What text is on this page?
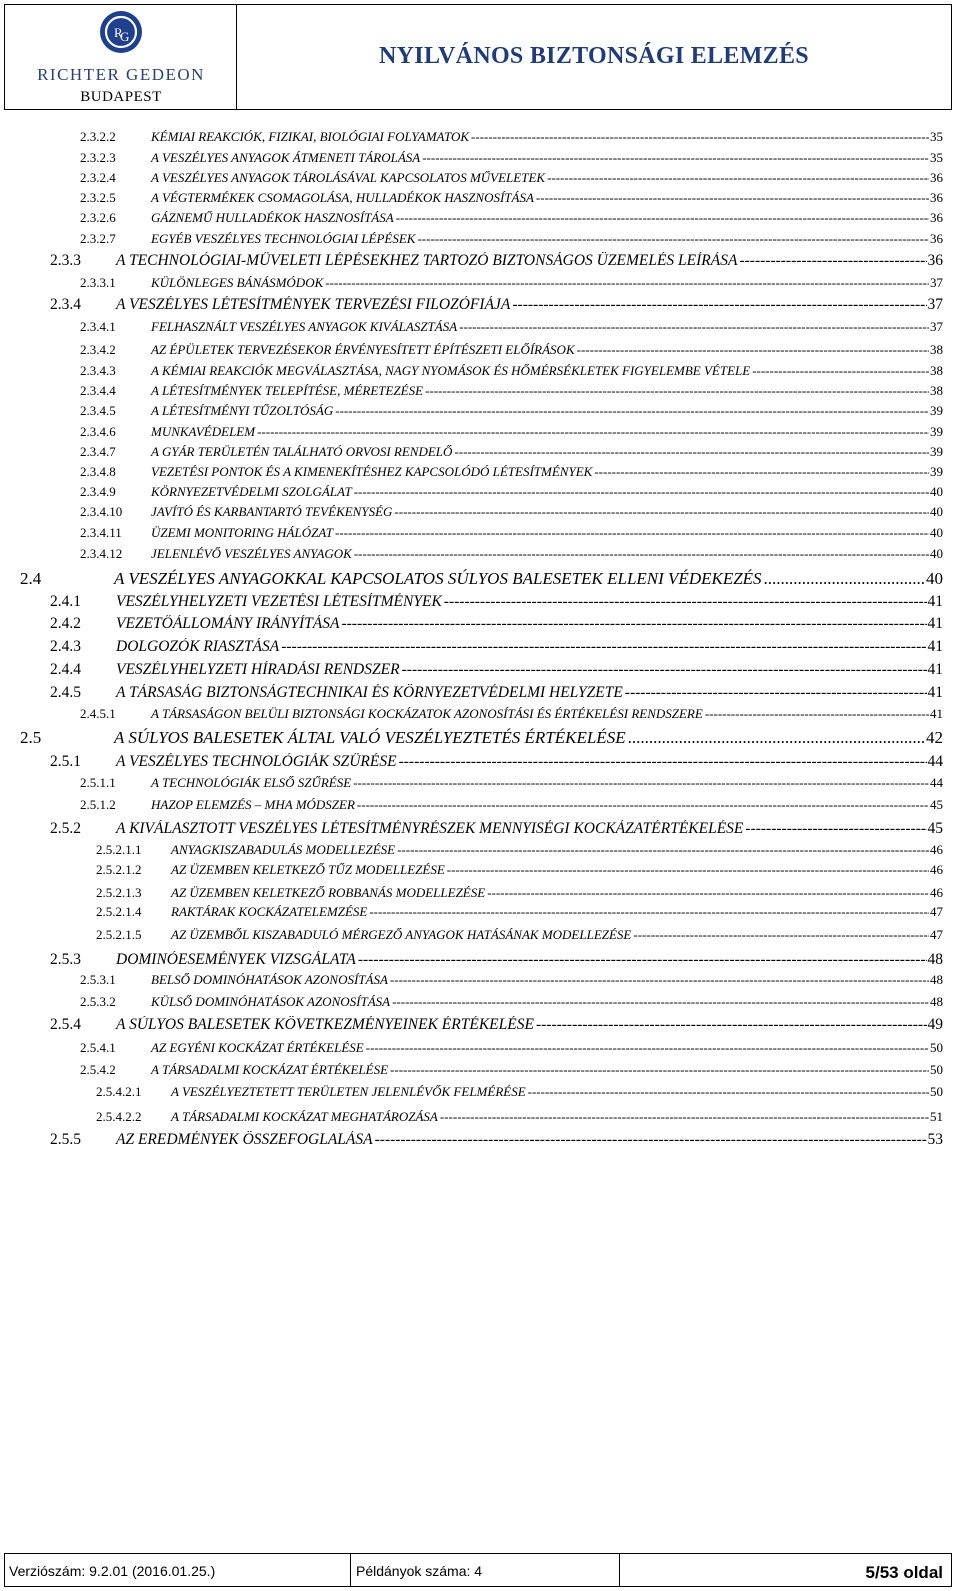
R
G
RICHTER GEDEON
BUDAPEST
NYILVÁNOS BIZTONSÁGI ELEMZÉS
2.3.2.2	KÉMIAI REAKCIÓK, FIZIKAI, BIOLÓGIAI FOLYAMATOK -----	35
2.3.2.3	A VESZÉLYES ANYAGOK ÁTMENETI TÁROLÁSA -----	35
2.3.2.4	A VESZÉLYES ANYAGOK TÁROLÁSÁVAL KAPCSOLATOS MŰVELETEK -----	36
2.3.2.5	A VÉGTERMÉKEK CSOMAGOLÁSA, HULLADÉKOK HASZNOSÍTÁSA -----	36
2.3.2.6	GÁZNEMŰ HULLADÉKOK HASZNOSÍTÁSA -----	36
2.3.2.7	EGYÉB VESZÉLYES TECHNOLÓGIAI LÉPÉSEK -----	36
2.3.3	A TECHNOLÓGIAI-MŰVELETI LÉPÉSEKHEZ TARTOZÓ BIZTONSÁGOS ÜZEMELÉS LEÍRÁSA -----	36
2.3.3.1	KÜLÖNLEGES BÁNÁSMÓDOK -----	37
2.3.4	A VESZÉLYES LÉTESÍTMÉNYEK TERVEZÉSI FILOZÓFIÁJA -----	37
2.3.4.1	FELHASZNÁLT VESZÉLYES ANYAGOK KIVÁLASZTÁSA -----	37
2.3.4.2	AZ ÉPÜLETEK TERVEZÉSEKOR ÉRVÉNYESÍTETT ÉPÍTÉSZETI ELŐÍRÁSOK -----	38
2.3.4.3	A KÉMIAI REAKCIÓK MEGVÁLASZTÁSA, NAGY NYOMÁSOK ÉS HŐMÉRSÉKLETEK FIGYELEMBE VÉTELE -----	38
2.3.4.4	A LÉTESÍTMÉNYEK TELEPÍTÉSE, MÉRETEZÉSE -----	38
2.3.4.5	A LÉTESÍTMÉNYI TŰZOLTÓSÁG -----	39
2.3.4.6	MUNKAVÉDELEM -----	39
2.3.4.7	A GYÁR TERÜLETÉN TALÁLHATÓ ORVOSI RENDELŐ -----	39
2.3.4.8	VEZETÉSI PONTOK ÉS A KIMENEKÍTÉSHEZ KAPCSOLÓDÓ LÉTESÍTMÉNYEK -----	39
2.3.4.9	KÖRNYEZETVÉDELMI SZOLGÁLAT -----	40
2.3.4.10	JAVÍTÓ ÉS KARBANTARTÓ TEVÉKENYSÉG -----	40
2.3.4.11	ÜZEMI MONITORING HÁLÓZAT -----	40
2.3.4.12	JELENLÉVŐ VESZÉLYES ANYAGOK -----	40
2.4	A VESZÉLYES ANYAGOKKAL KAPCSOLATOS SÚLYOS BALESETEK ELLENI VÉDEKEZÉS .....	40
2.4.1	VESZÉLYHELYZETI VEZETÉSI LÉTESÍTMÉNYEK -----	41
2.4.2	VEZETŐÁLLOMÁNY IRÁNYÍTÁSA -----	41
2.4.3	DOLGOZÓK RIASZTÁSA -----	41
2.4.4	VESZÉLYHELYZETI HÍRADÁSI RENDSZER -----	41
2.4.5	A TÁRSASÁG BIZTONSÁGTECHNIKAI ÉS KÖRNYEZETVÉDELMI HELYZETE -----	41
2.4.5.1	A TÁRSASÁGON BELÜLI BIZTONSÁGI KOCKÁZATOK AZONOSÍTÁSI ÉS ÉRTÉKELÉSI RENDSZERE -----	41
2.5	A SÚLYOS BALESETEK ÁLTAL VALÓ VESZÉLYEZTETÉS ÉRTÉKELÉSE .....	42
2.5.1	A VESZÉLYES TECHNOLÓGIÁK SZŰRÉSE -----	44
2.5.1.1	A TECHNOLÓGIÁK ELSŐ SZŰRÉSE -----	44
2.5.1.2	HAZOP ELEMZÉS – MHA MÓDSZER -----	45
2.5.2	A KIVÁLASZTOTT VESZÉLYES LÉTESÍTMÉNYRÉSZEK MENNYISÉGI KOCKÁZATÉRTÉKELÉSE -----	45
2.5.2.1.1	ANYAGKISZABADULÁS MODELLEZÉSE -----	46
2.5.2.1.2	AZ ÜZEMBEN KELETKEZŐ TŰZ MODELLEZÉSE -----	46
2.5.2.1.3	AZ ÜZEMBEN KELETKEZŐ ROBBANÁS MODELLEZÉSE -----	46
2.5.2.1.4	RAKTÁRAK KOCKÁZATELEMZÉSE -----	47
2.5.2.1.5	AZ ÜZEMBŐL KISZABADULÓ MÉRGEZŐ ANYAGOK HATÁSÁNAK MODELLEZÉSE -----	47
2.5.3	DOMINÓESEMÉNYEK VIZSGÁLATA -----	48
2.5.3.1	BELSŐ DOMINÓHATÁSOK AZONOSÍTÁSA -----	48
2.5.3.2	KÜLSŐ DOMINÓHATÁSOK AZONOSÍTÁSA -----	48
2.5.4	A SÚLYOS BALESETEK KÖVETKEZMÉNYEINEK ÉRTÉKELÉSE -----	49
2.5.4.1	AZ EGYÉNI KOCKÁZAT ÉRTÉKELÉSE -----	50
2.5.4.2	A TÁRSADALMI KOCKÁZAT ÉRTÉKELÉSE -----	50
2.5.4.2.1	A VESZÉLYEZTETETT TERÜLETEN JELENLÉVŐK FELMÉRÉSE -----	50
2.5.4.2.2	A TÁRSADALMI KOCKÁZAT MEGHATÁROZÁSA -----	51
2.5.5	AZ EREDMÉNYEK ÖSSZEFOGLALÁSA -----	53
Verziószám: 9.2.01 (2016.01.25.)	Példányok száma: 4	5/53 oldal
